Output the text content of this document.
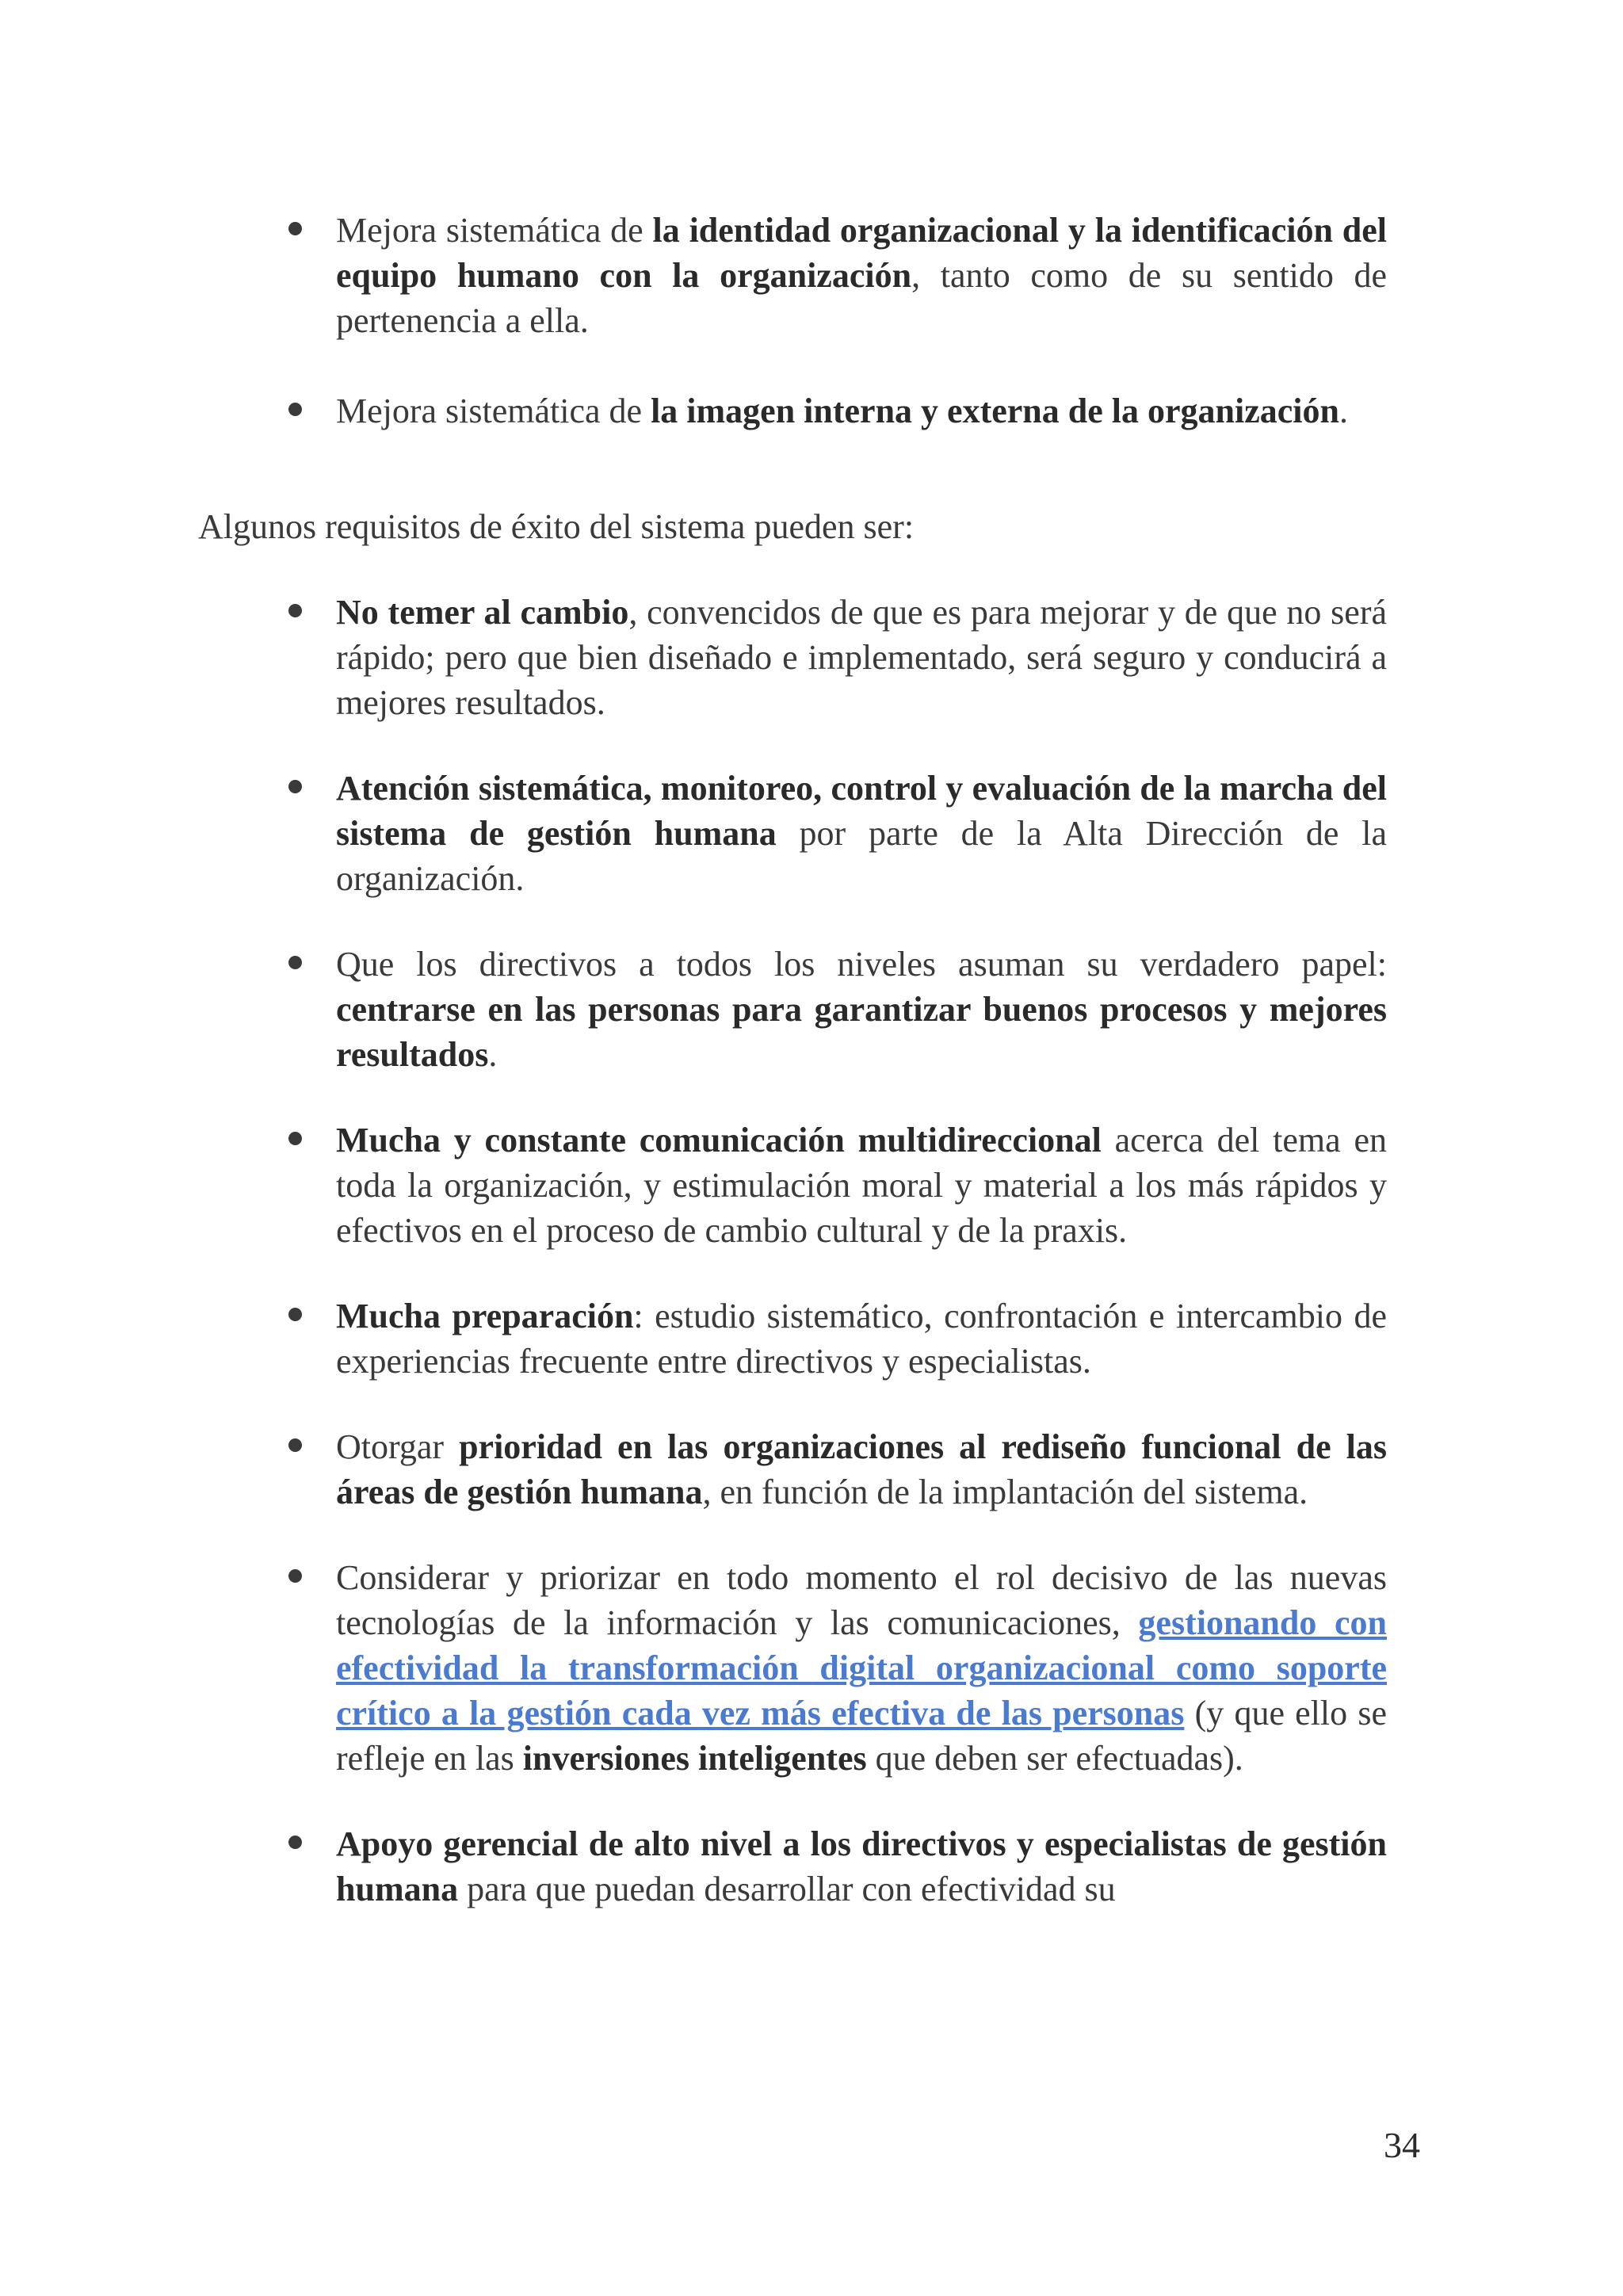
Mejora sistemática de la identidad organizacional y la identificación del equipo humano con la organización, tanto como de su sentido de pertenencia a ella.
Mejora sistemática de la imagen interna y externa de la organización.

Algunos requisitos de éxito del sistema pueden ser:

No temer al cambio, convencidos de que es para mejorar y de que no será rápido; pero que bien diseñado e implementado, será seguro y conducirá a mejores resultados.
Atención sistemática, monitoreo, control y evaluación de la marcha del sistema de gestión humana por parte de la Alta Dirección de la organización.
Que los directivos a todos los niveles asuman su verdadero papel: centrarse en las personas para garantizar buenos procesos y mejores resultados.
Mucha y constante comunicación multidireccional acerca del tema en toda la organización, y estimulación moral y material a los más rápidos y efectivos en el proceso de cambio cultural y de la praxis.
Mucha preparación: estudio sistemático, confrontación e intercambio de experiencias frecuente entre directivos y especialistas.
Otorgar prioridad en las organizaciones al rediseño funcional de las áreas de gestión humana, en función de la implantación del sistema.
Considerar y priorizar en todo momento el rol decisivo de las nuevas tecnologías de la información y las comunicaciones, gestionando con efectividad la transformación digital organizacional como soporte crítico a la gestión cada vez más efectiva de las personas (y que ello se refleje en las inversiones inteligentes que deben ser efectuadas).
Apoyo gerencial de alto nivel a los directivos y especialistas de gestión humana para que puedan desarrollar con efectividad su
34
